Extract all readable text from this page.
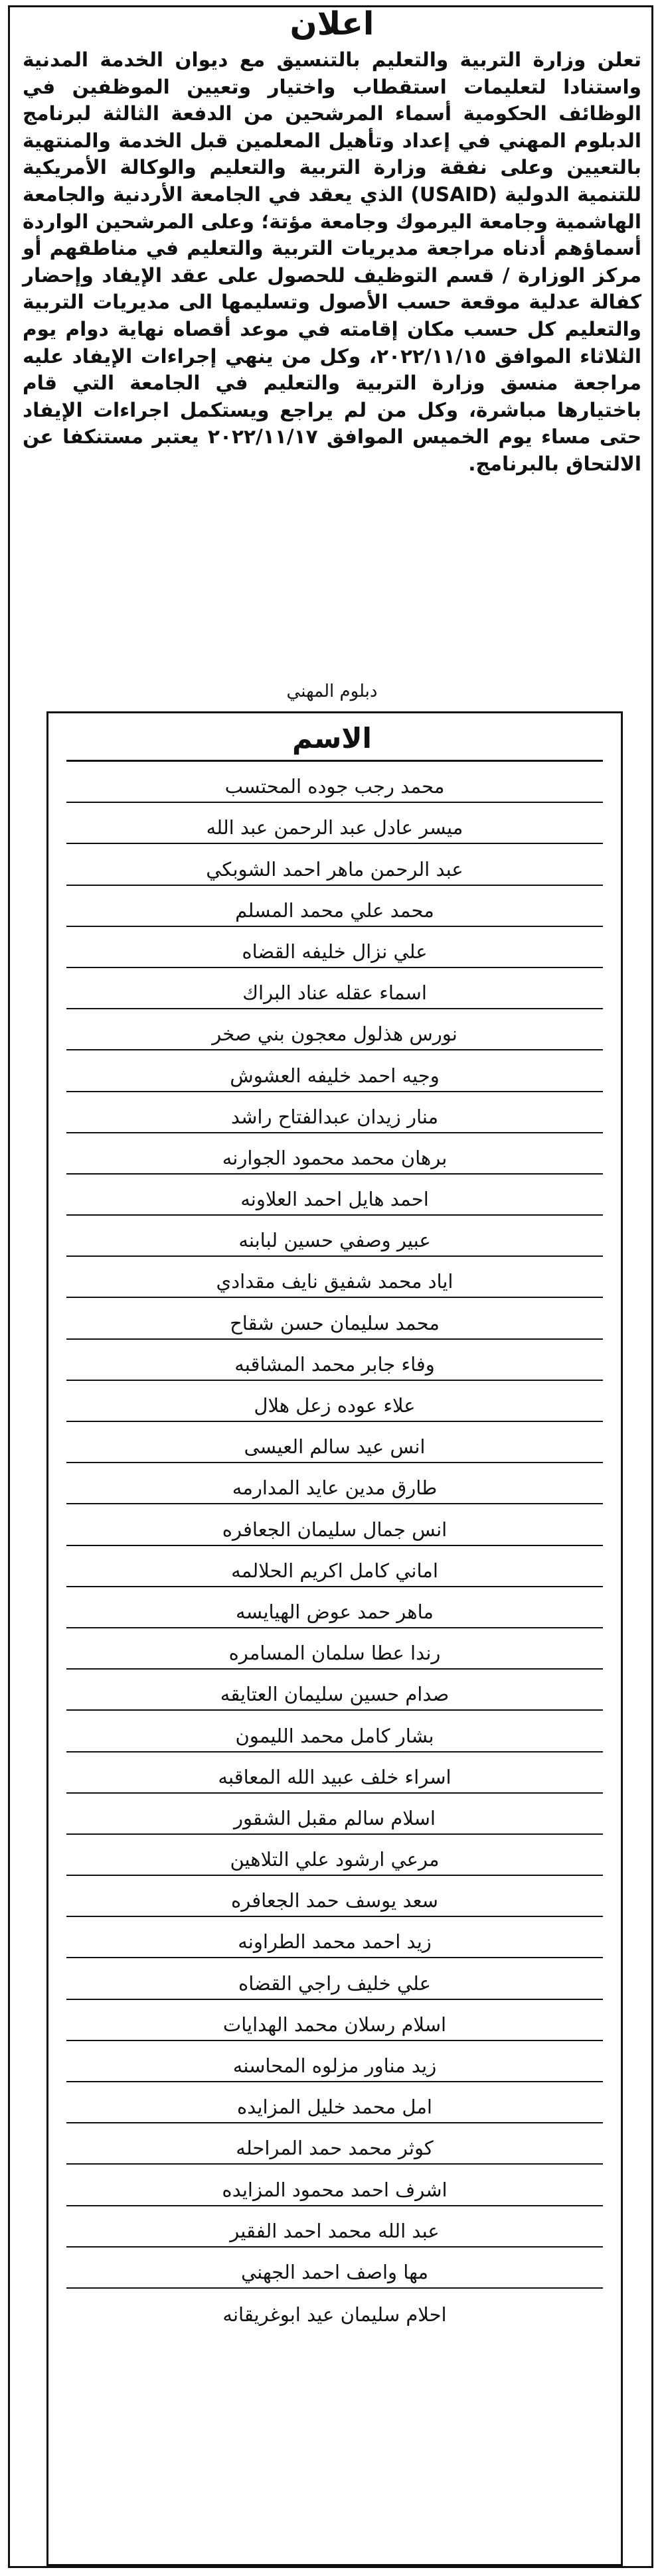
اعلان
تعلن وزارة التربية والتعليم بالتنسيق مع ديوان الخدمة المدنية واستنادا لتعليمات استقطاب واختيار وتعيين الموظفين في الوظائف الحكومية أسماء المرشحين من الدفعة الثالثة لبرنامج الدبلوم المهني في إعداد وتأهيل المعلمين قبل الخدمة والمنتهية بالتعيين وعلى نفقة وزارة التربية والتعليم والوكالة الأمريكية للتنمية الدولية (USAID) الذي يعقد في الجامعة الأردنية والجامعة الهاشمية وجامعة اليرموك وجامعة مؤتة؛ وعلى المرشحين الواردة أسماؤهم أدناه مراجعة مديريات التربية والتعليم في مناطقهم أو مركز الوزارة / قسم التوظيف للحصول على عقد الإيفاد وإحضار كفالة عدلية موقعة حسب الأصول وتسليمها الى مديريات التربية والتعليم كل حسب مكان إقامته في موعد أقصاه نهاية دوام يوم الثلاثاء الموافق ٢٠٢٢/١١/١٥، وكل من ينهي إجراءات الإيفاد عليه مراجعة منسق وزارة التربية والتعليم في الجامعة التي قام باختيارها مباشرة، وكل من لم يراجع ويستكمل اجراءات الإيفاد حتى مساء يوم الخميس الموافق ٢٠٢٢/١١/١٧ يعتبر مستنكفا عن الالتحاق بالبرنامج.
دبلوم المهني
الاسم
محمد رجب جوده المحتسب
ميسر عادل عبد الرحمن عبد الله
عبد الرحمن ماهر احمد الشوبكي
محمد علي محمد المسلم
علي نزال خليفه القضاه
اسماء عقله عناد البراك
نورس هذلول معجون بني صخر
وجيه احمد خليفه العشوش
منار زيدان عبدالفتاح راشد
برهان محمد محمود الجوارنه
احمد هايل احمد العلاونه
عبير وصفي حسين لبابنه
اياد محمد شفيق نايف مقدادي
محمد سليمان حسن شقاح
وفاء جابر محمد المشاقبه
علاء عوده زعل هلال
انس عيد سالم العيسى
طارق مدين عايد المدارمه
انس جمال سليمان الجعافره
اماني كامل اكريم الحلالمه
ماهر حمد عوض الهيايسه
رندا عطا سلمان المسامره
صدام حسين سليمان العتايقه
بشار كامل محمد الليمون
اسراء خلف عبيد الله المعاقبه
اسلام سالم مقبل الشقور
مرعي ارشود علي التلاهين
سعد يوسف حمد الجعافره
زيد احمد محمد الطراونه
علي خليف راجي القضاه
اسلام رسلان محمد الهدايات
زيد مناور مزلوه المحاسنه
امل محمد خليل المزايده
كوثر محمد حمد المراحله
اشرف احمد محمود المزايده
عبد الله محمد احمد الفقير
مها واصف احمد الجهني
احلام سليمان عيد ابوغريقانه
